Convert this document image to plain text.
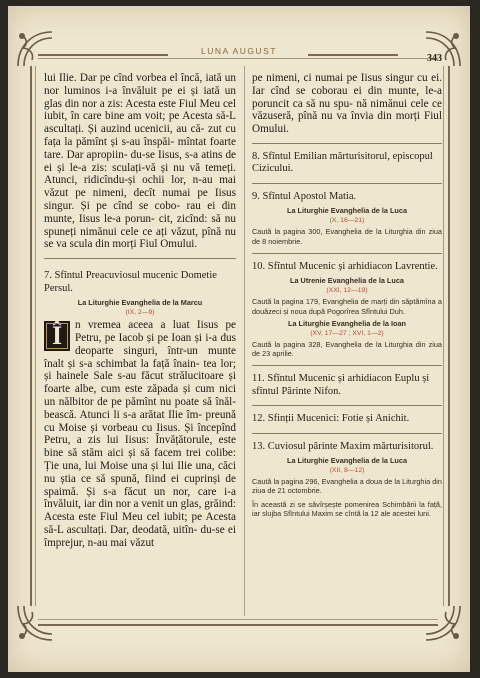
LUNA AUGUST
343

lui Ilie. Dar pe cînd vorbea el încă, iată un nor luminos i-a învăluit pe ei și iată un glas din nor a zis: Acesta este Fiul Meu cel iubit, în care bine am voit; pe Acesta să-L ascultați. Și auzind ucenicii, au că- zut cu fața la pămînt și s-au înspăi- mîntat foarte tare. Dar apropiin- du-se Iisus, s-a atins de ei și le-a zis: sculați-vă și nu vă temeți. Atunci, ridicîndu-și ochii lor, n-au mai văzut pe nimeni, decît numai pe Iisus singur. Și pe cînd se cobo- rau ei din munte, Iisus le-a porun- cit, zicînd: să nu spuneți nimănui cele ce ați văzut, pînă nu se va scula din morți Fiul Omului.

7. Sfîntul Preacuviosul mucenic Dometie Persul.

La Liturghie Evanghelia de la Marcu
(IX, 2—9)

Î	n vremea aceea a luat Iisus pe Petru, pe Iacob și pe Ioan și i-a dus deoparte singuri, într-un munte înalt și s-a schimbat la față înain- tea lor; și hainele Sale s-au făcut strălucitoare și foarte albe, cum este zăpada și cum nici un nălbitor de pe pămînt nu poate să înăl- bească. Atunci li s-a arătat Ilie îm- preună cu Moise și vorbeau cu Iisus. Și începînd Petru, a zis lui Iisus: Învățătorule, este bine să stăm aici și să facem trei colibe: Ție una, lui Moise una și lui Ilie una, căci nu știa ce să spună, fiind ei cuprinși de spaimă. Și s-a făcut un nor, care i-a învăluit, iar din nor a venit un glas, grăind: Acesta este Fiul Meu cel iubit; pe Acesta să-L ascultați. Dar, deodată, uitîn- du-se ei împrejur, n-au mai văzut

pe nimeni, ci numai pe Iisus singur cu ei. Iar cînd se coborau ei din munte, le-a poruncit ca să nu spu- nă nimănui cele ce văzuseră, pînă nu va învia din morți Fiul Omului.

8. Sfîntul Emilian mărturisitorul, episcopul Cizicului.

9. Sfîntul Apostol Matia.

La Liturghie Evanghelia de la Luca
(X, 16—21)

Caută la pagina 300, Evanghelia de la Liturghia din ziua de 8 noiembrie.

10. Sfîntul Mucenic și arhidiacon Lavrentie.

La Utrenie Evanghelia de la Luca
(XXI, 12—19)

Caută la pagina 179, Evanghelia de marți din săptămîna a douăzeci și noua după Pogorîrea Sfîntului Duh.

La Liturghie Evanghelia de la Ioan
(XV, 17—27 ; XVI, 1—2)

Caută la pagina 328, Evanghelia de la Liturghia din ziua de 23 aprilie.

11. Sfîntul Mucenic și arhidiacon Euplu și sfîntul Părinte Nifon.

12. Sfinții Mucenici: Fotie și Anichit.

13. Cuviosul părinte Maxim mărturisitorul.

La Liturghie Evanghelia de la Luca
(XII, 8—12)

Caută la pagina 296, Evanghelia a doua de la Liturghia din ziua de 21 octombrie.

În această zi se săvîrșește pomenirea Schimbării la față, iar slujba Sfîntului Maxim se cîntă la 12 ale acestei luni.
